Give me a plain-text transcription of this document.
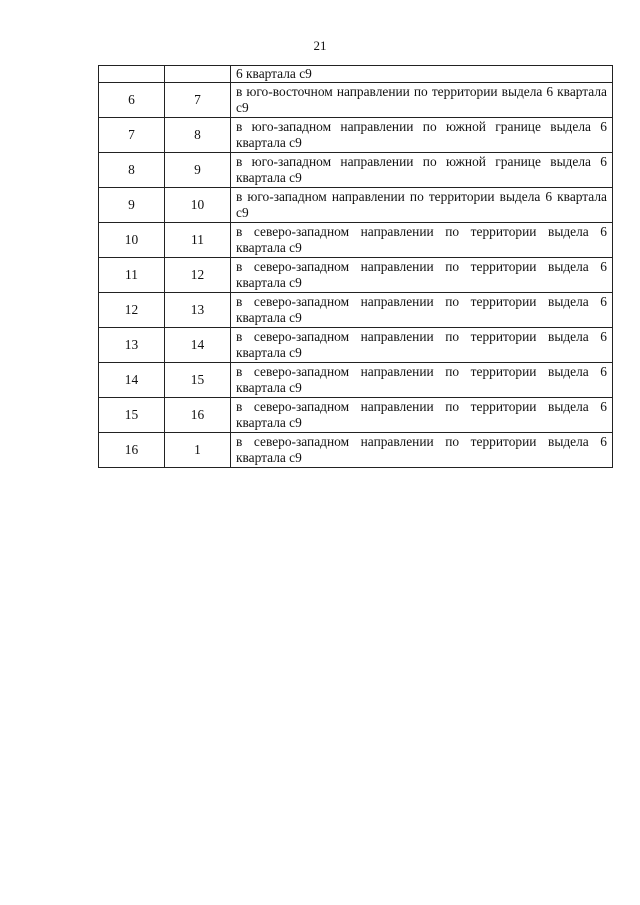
21
		6 квартала с9
6	7	в юго-восточном направлении по территории выдела 6 квартала с9
7	8	в юго-западном направлении по южной границе выдела 6 квартала с9
8	9	в юго-западном направлении по южной границе выдела 6 квартала с9
9	10	в юго-западном направлении по территории выдела 6 квартала с9
10	11	в северо-западном направлении по территории выдела 6 квартала с9
11	12	в северо-западном направлении по территории выдела 6 квартала с9
12	13	в северо-западном направлении по территории выдела 6 квартала с9
13	14	в северо-западном направлении по территории выдела 6 квартала с9
14	15	в северо-западном направлении по территории выдела 6 квартала с9
15	16	в северо-западном направлении по территории выдела 6 квартала с9
16	1	в северо-западном направлении по территории выдела 6 квартала с9
